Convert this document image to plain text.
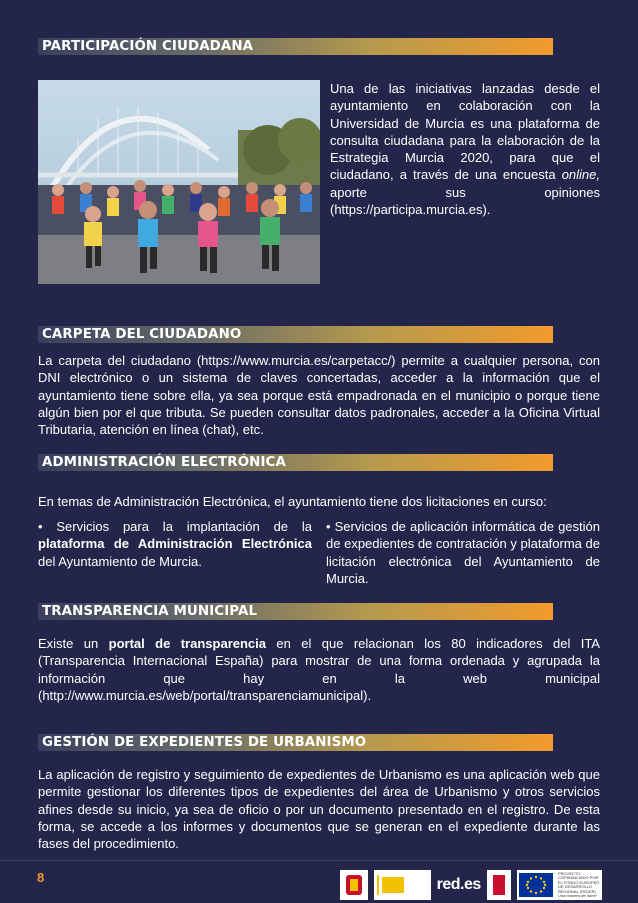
PARTICIPACIÓN CIUDADANA

Una de las iniciativas lanzadas desde el ayuntamiento en colaboración con la Universidad de Murcia es una plataforma de consulta ciudadana para la elaboración de la Estrategia Murcia 2020, para que el ciudadano, a través de una encuesta online, aporte sus opiniones (https://participa.murcia.es).

CARPETA DEL CIUDADANO

La carpeta del ciudadano (https://www.murcia.es/carpetacc/) permite a cualquier persona, con DNI electrónico o un sistema de claves concertadas, acceder a la información que el ayuntamiento tiene sobre ella, ya sea porque está empadronada en el municipio o porque tiene algún bien por el que tributa. Se pueden consultar datos padronales, acceder a la Oficina Virtual Tributaria, atención en línea (chat), etc.

ADMINISTRACIÓN ELECTRÓNICA

En temas de Administración Electrónica, el ayuntamiento tiene dos licitaciones en curso:

• Servicios para la implantación de la plataforma de Administración Electrónica del Ayuntamiento de Murcia.

• Servicios de aplicación informática de gestión de expedientes de contratación y plataforma de licitación electrónica del Ayuntamiento de Murcia.

TRANSPARENCIA MUNICIPAL

Existe un portal de transparencia en el que relacionan los 80 indicadores del ITA (Transparencia Internacional España) para mostrar de una forma ordenada y agrupada la información que hay en la web municipal (http://www.murcia.es/web/portal/transparenciamunicipal).

GESTIÓN DE EXPEDIENTES DE URBANISMO

La aplicación de registro y seguimiento de expedientes de Urbanismo es una aplicación web que permite gestionar los diferentes tipos de expedientes del área de Urbanismo y otros servicios afines desde su inicio, ya sea de oficio o por un documento presentado en el registro. De esta forma, se accede a los informes y documentos que se generan en el expediente durante las fases del procedimiento.

8	red.es
UNIÓN EUROPEA
PROYECTO COFINANCIADO POR EL FONDO EUROPEO DE DESARROLLO REGIONAL (FEDER)
Una manera de hacer Europa
